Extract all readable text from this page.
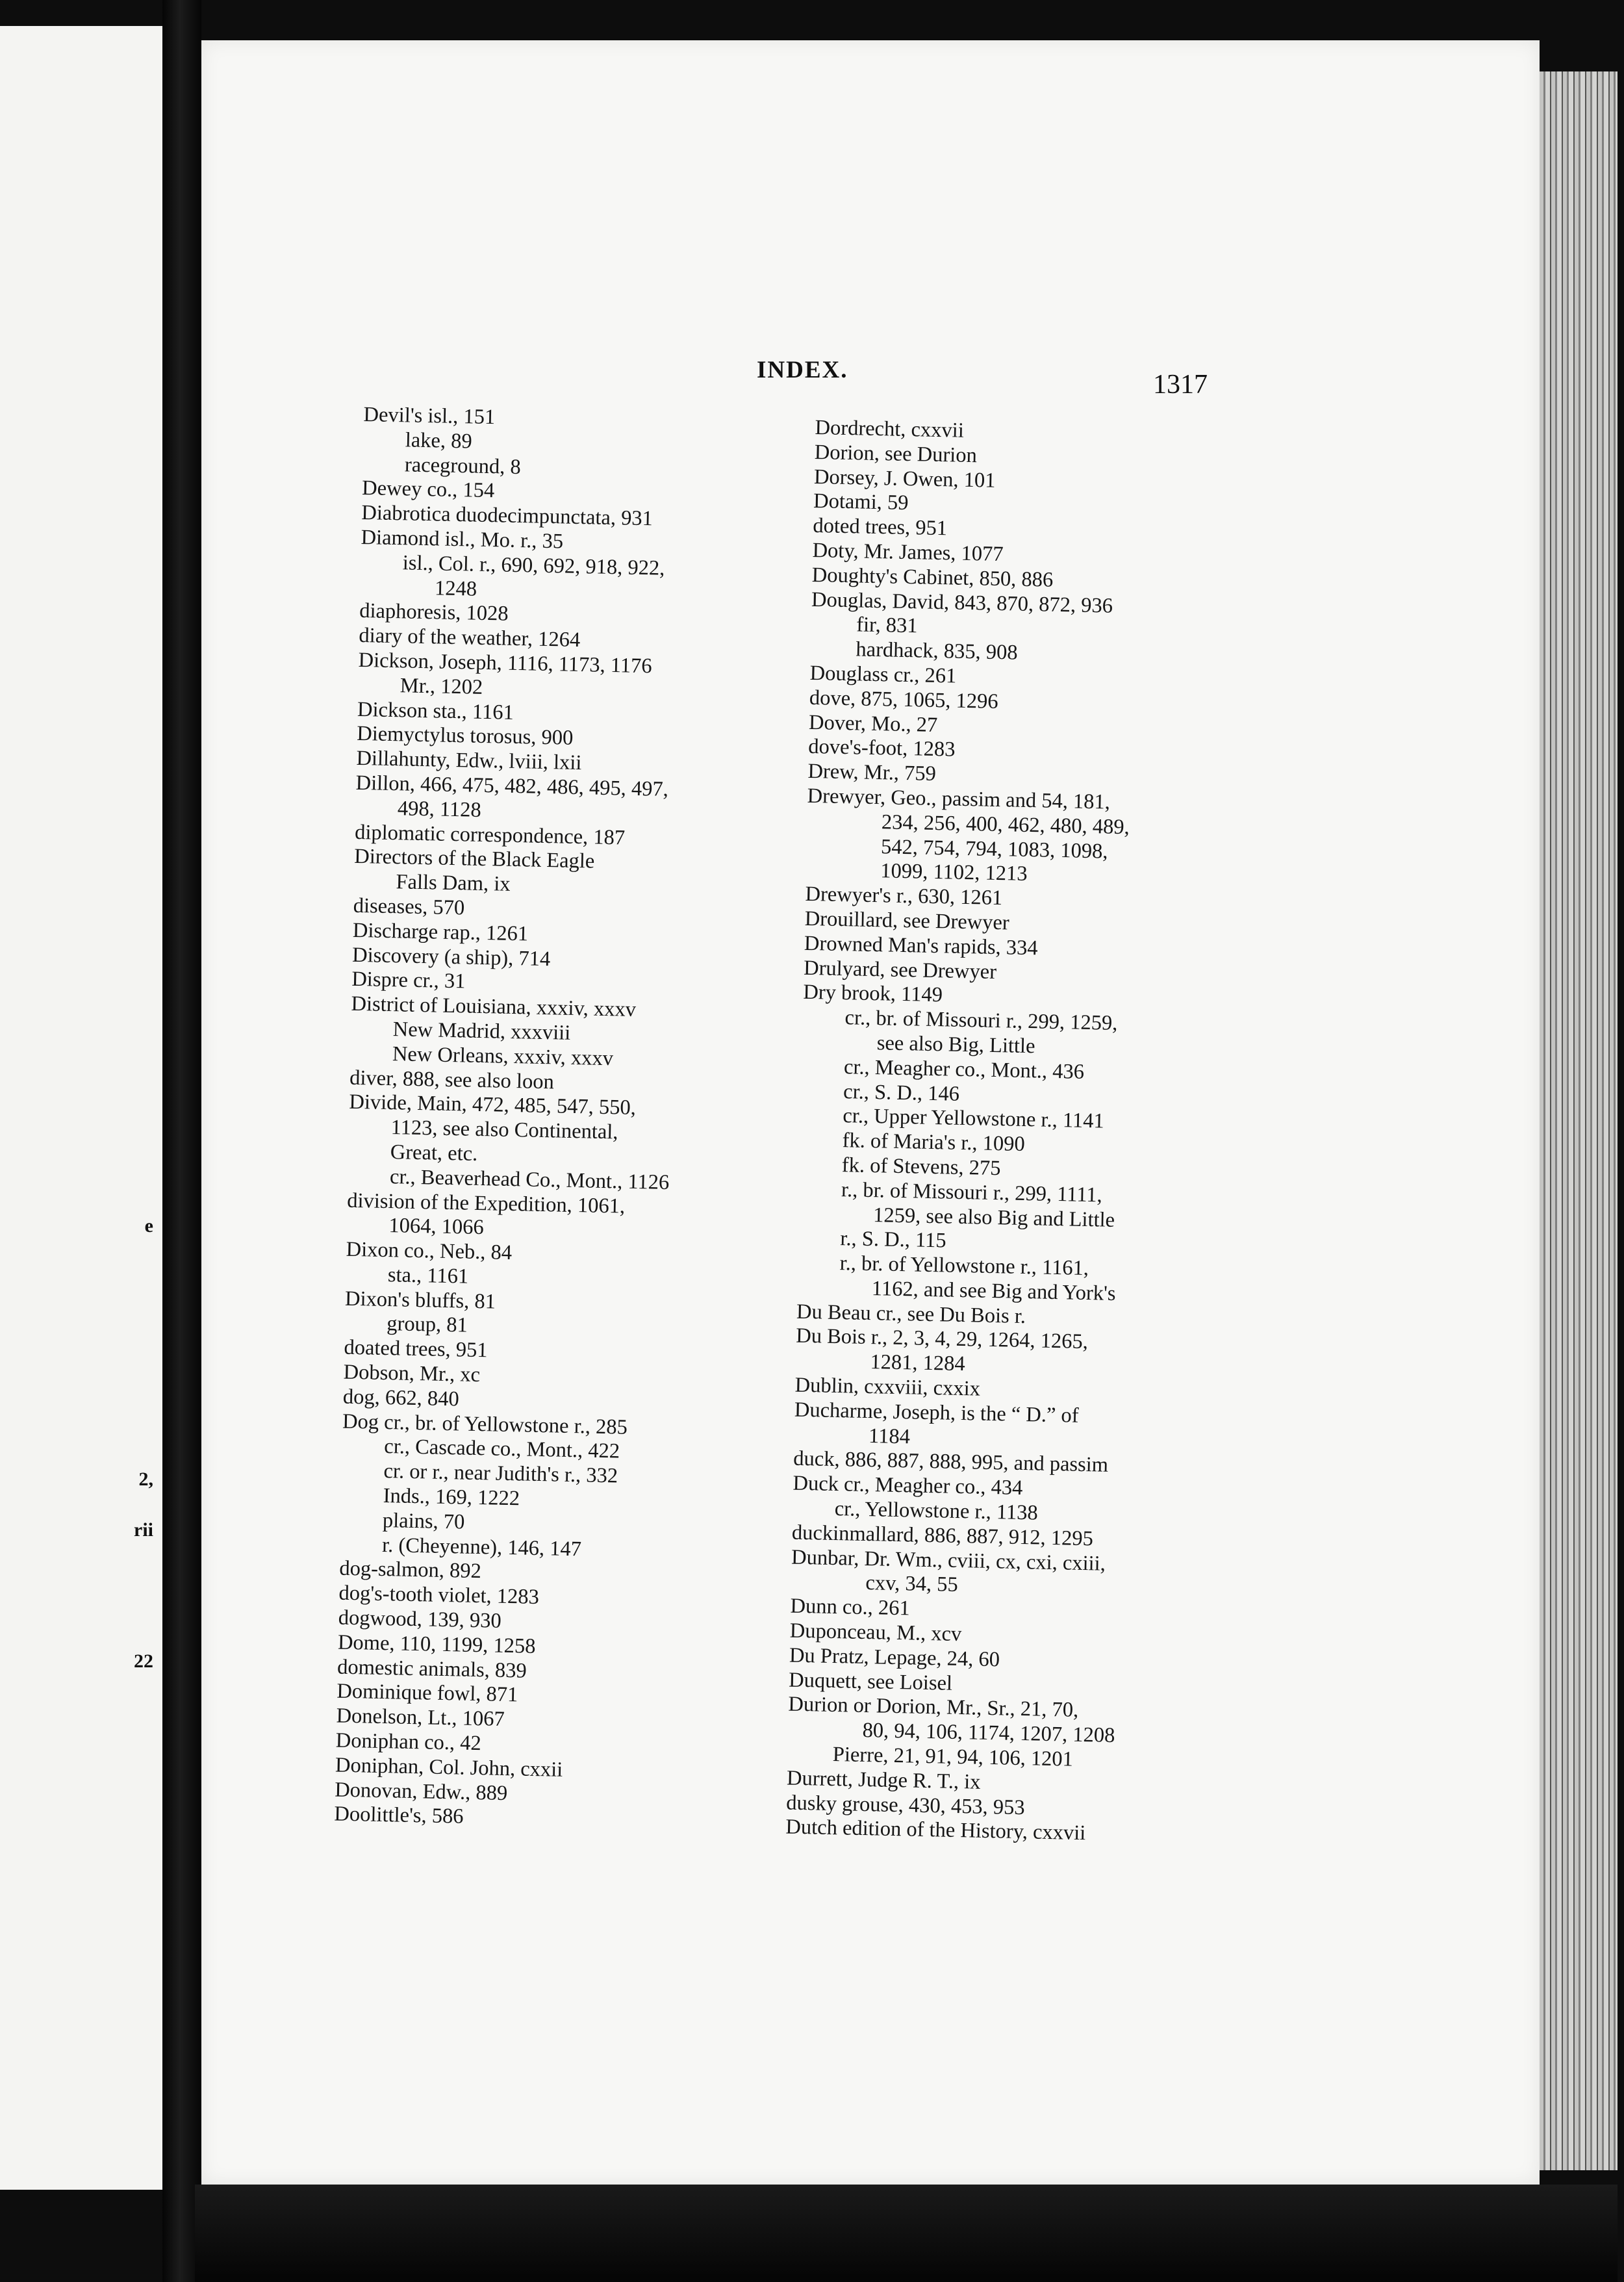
e
2,
rii
22
INDEX.	1317
Devil's isl., 151
lake, 89
raceground, 8
Dewey co., 154
Diabrotica duodecimpunctata, 931
Diamond isl., Mo. r., 35
isl., Col. r., 690, 692, 918, 922,
1248
diaphoresis, 1028
diary of the weather, 1264
Dickson, Joseph, 1116, 1173, 1176
Mr., 1202
Dickson sta., 1161
Diemyctylus torosus, 900
Dillahunty, Edw., lviii, lxii
Dillon, 466, 475, 482, 486, 495, 497,
498, 1128
diplomatic correspondence, 187
Directors of the Black Eagle
Falls Dam, ix
diseases, 570
Discharge rap., 1261
Discovery (a ship), 714
Dispre cr., 31
District of Louisiana, xxxiv, xxxv
New Madrid, xxxviii
New Orleans, xxxiv, xxxv
diver, 888, see also loon
Divide, Main, 472, 485, 547, 550,
1123, see also Continental,
Great, etc.
cr., Beaverhead Co., Mont., 1126
division of the Expedition, 1061,
1064, 1066
Dixon co., Neb., 84
sta., 1161
Dixon's bluffs, 81
group, 81
doated trees, 951
Dobson, Mr., xc
dog, 662, 840
Dog cr., br. of Yellowstone r., 285
cr., Cascade co., Mont., 422
cr. or r., near Judith's r., 332
Inds., 169, 1222
plains, 70
r. (Cheyenne), 146, 147
dog-salmon, 892
dog's-tooth violet, 1283
dogwood, 139, 930
Dome, 110, 1199, 1258
domestic animals, 839
Dominique fowl, 871
Donelson, Lt., 1067
Doniphan co., 42
Doniphan, Col. John, cxxii
Donovan, Edw., 889
Doolittle's, 586
Dordrecht, cxxvii
Dorion, see Durion
Dorsey, J. Owen, 101
Dotami, 59
doted trees, 951
Doty, Mr. James, 1077
Doughty's Cabinet, 850, 886
Douglas, David, 843, 870, 872, 936
fir, 831
hardhack, 835, 908
Douglass cr., 261
dove, 875, 1065, 1296
Dover, Mo., 27
dove's-foot, 1283
Drew, Mr., 759
Drewyer, Geo., passim and 54, 181,
234, 256, 400, 462, 480, 489,
542, 754, 794, 1083, 1098,
1099, 1102, 1213
Drewyer's r., 630, 1261
Drouillard, see Drewyer
Drowned Man's rapids, 334
Drulyard, see Drewyer
Dry brook, 1149
cr., br. of Missouri r., 299, 1259,
see also Big, Little
cr., Meagher co., Mont., 436
cr., S. D., 146
cr., Upper Yellowstone r., 1141
fk. of Maria's r., 1090
fk. of Stevens, 275
r., br. of Missouri r., 299, 1111,
1259, see also Big and Little
r., S. D., 115
r., br. of Yellowstone r., 1161,
1162, and see Big and York's
Du Beau cr., see Du Bois r.
Du Bois r., 2, 3, 4, 29, 1264, 1265,
1281, 1284
Dublin, cxxviii, cxxix
Ducharme, Joseph, is the “ D.” of
1184
duck, 886, 887, 888, 995, and passim
Duck cr., Meagher co., 434
cr., Yellowstone r., 1138
duckinmallard, 886, 887, 912, 1295
Dunbar, Dr. Wm., cviii, cx, cxi, cxiii,
cxv, 34, 55
Dunn co., 261
Duponceau, M., xcv
Du Pratz, Lepage, 24, 60
Duquett, see Loisel
Durion or Dorion, Mr., Sr., 21, 70,
80, 94, 106, 1174, 1207, 1208
Pierre, 21, 91, 94, 106, 1201
Durrett, Judge R. T., ix
dusky grouse, 430, 453, 953
Dutch edition of the History, cxxvii
